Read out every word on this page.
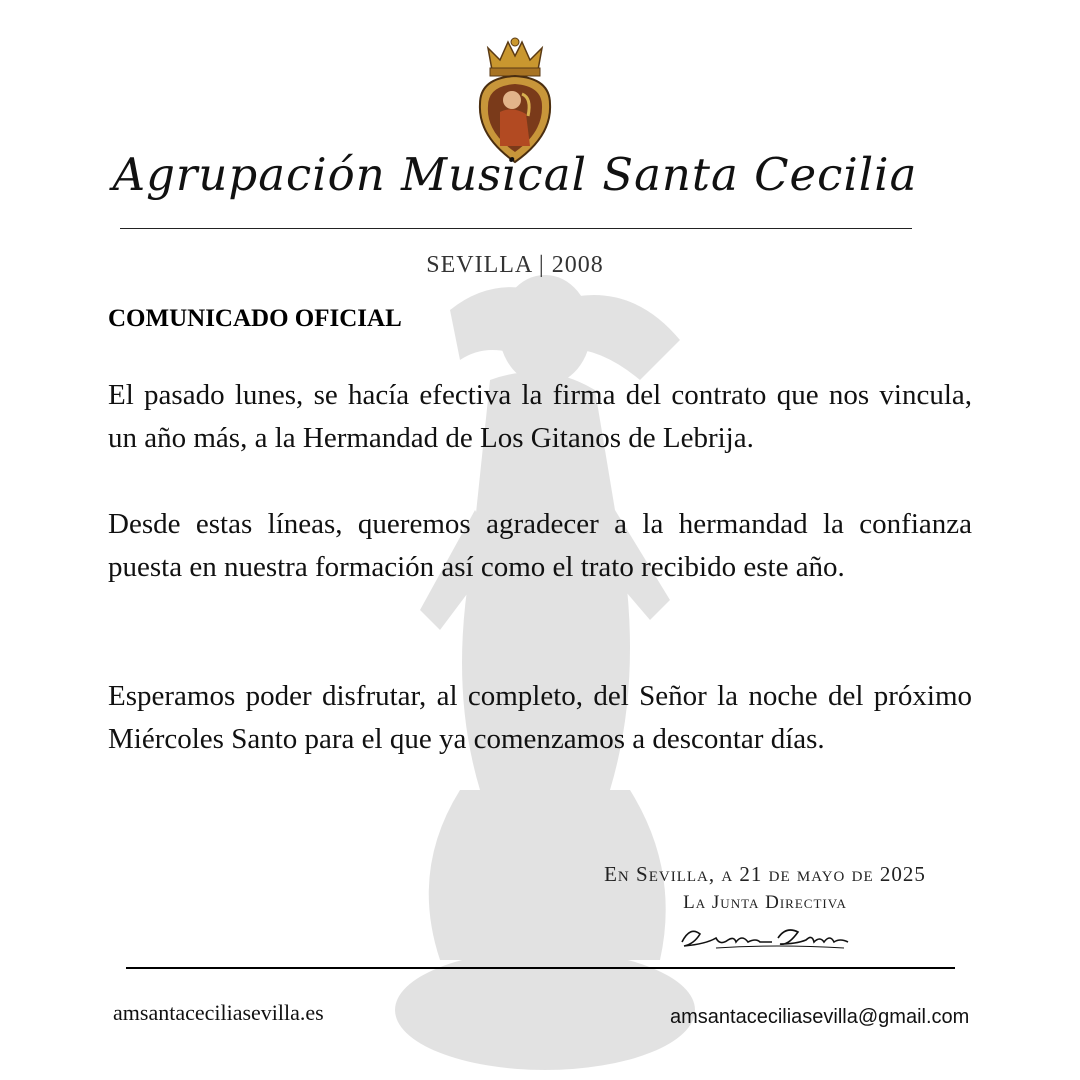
Agrupación Musical Santa Cecilia
SEVILLA | 2008
COMUNICADO OFICIAL

El pasado lunes, se hacía efectiva la firma del contrato que nos vincula, un año más, a la Hermandad de Los Gitanos de Lebrija.

Desde estas líneas, queremos agradecer a la hermandad la confianza puesta en nuestra formación así como el trato recibido este año.

Esperamos poder disfrutar, al completo, del Señor la noche del próximo Miércoles Santo para el que ya comenzamos a descontar días.

En Sevilla, a 21 de mayo de 2025
La Junta Directiva
amsantaceciliasevilla.es	amsantaceciliasevilla@gmail.com
